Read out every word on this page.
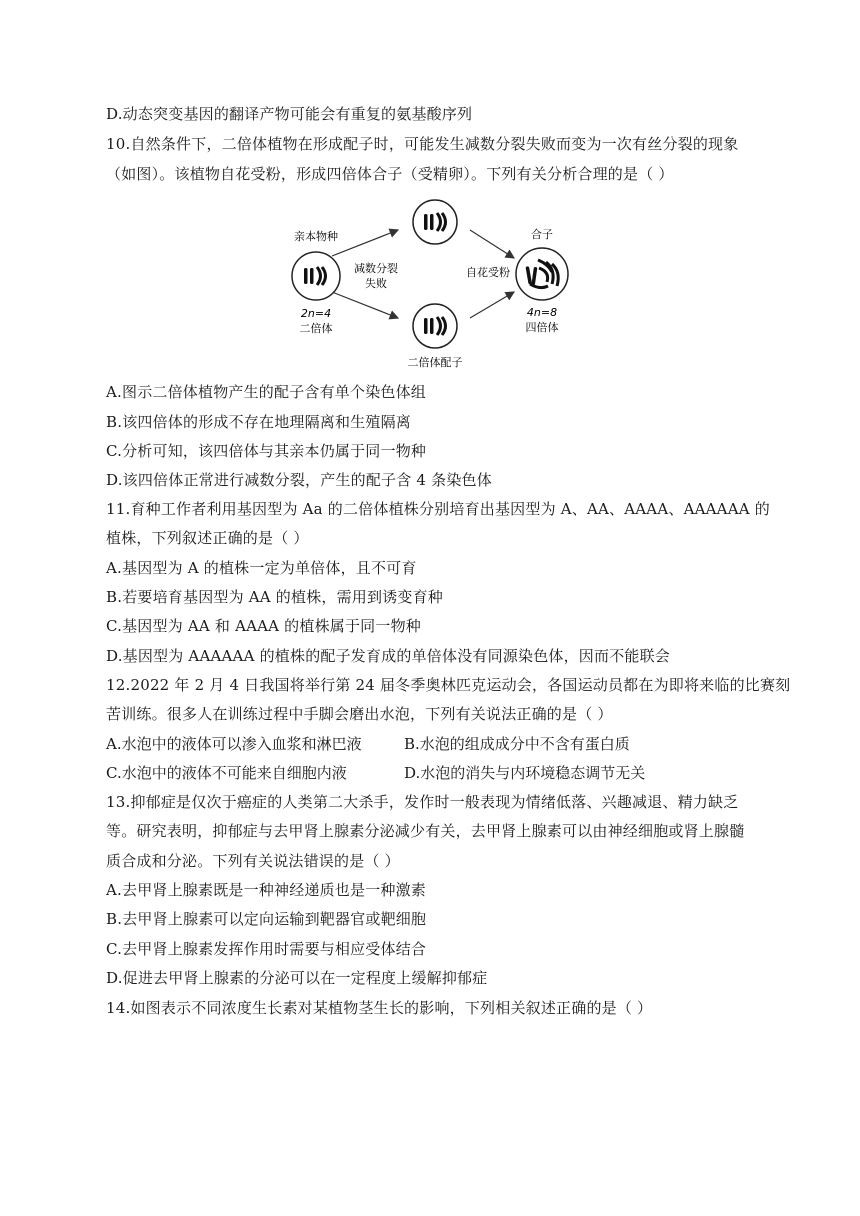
D.动态突变基因的翻译产物可能会有重复的氨基酸序列
10.自然条件下，二倍体植物在形成配子时，可能发生减数分裂失败而变为一次有丝分裂的现象
（如图）。该植物自花受粉，形成四倍体合子（受精卵）。下列有关分析合理的是（ ）
亲本物种
2n=4
二倍体
减数分裂
失败
自花受粉
合子
4n=8
四倍体
二倍体配子
A.图示二倍体植物产生的配子含有单个染色体组
B.该四倍体的形成不存在地理隔离和生殖隔离
C.分析可知，该四倍体与其亲本仍属于同一物种
D.该四倍体正常进行减数分裂，产生的配子含 4 条染色体
11.育种工作者利用基因型为 Aa 的二倍体植株分别培育出基因型为 A、AA、AAAA、AAAAAA 的
植株，下列叙述正确的是（ ）
A.基因型为 A 的植株一定为单倍体，且不可育
B.若要培育基因型为 AA 的植株，需用到诱变育种
C.基因型为 AA 和 AAAA 的植株属于同一物种
D.基因型为 AAAAAA 的植株的配子发育成的单倍体没有同源染色体，因而不能联会
12.2022 年 2 月 4 日我国将举行第 24 届冬季奥林匹克运动会，各国运动员都在为即将来临的比赛刻
苦训练。很多人在训练过程中手脚会磨出水泡，下列有关说法正确的是（ ）
A.水泡中的液体可以渗入血浆和淋巴液	B.水泡的组成成分中不含有蛋白质
C.水泡中的液体不可能来自细胞内液	D.水泡的消失与内环境稳态调节无关
13.抑郁症是仅次于癌症的人类第二大杀手，发作时一般表现为情绪低落、兴趣减退、精力缺乏
等。研究表明，抑郁症与去甲肾上腺素分泌减少有关，去甲肾上腺素可以由神经细胞或肾上腺髓
质合成和分泌。下列有关说法错误的是（ ）
A.去甲肾上腺素既是一种神经递质也是一种激素
B.去甲肾上腺素可以定向运输到靶器官或靶细胞
C.去甲肾上腺素发挥作用时需要与相应受体结合
D.促进去甲肾上腺素的分泌可以在一定程度上缓解抑郁症
14.如图表示不同浓度生长素对某植物茎生长的影响，下列相关叙述正确的是（ ）
